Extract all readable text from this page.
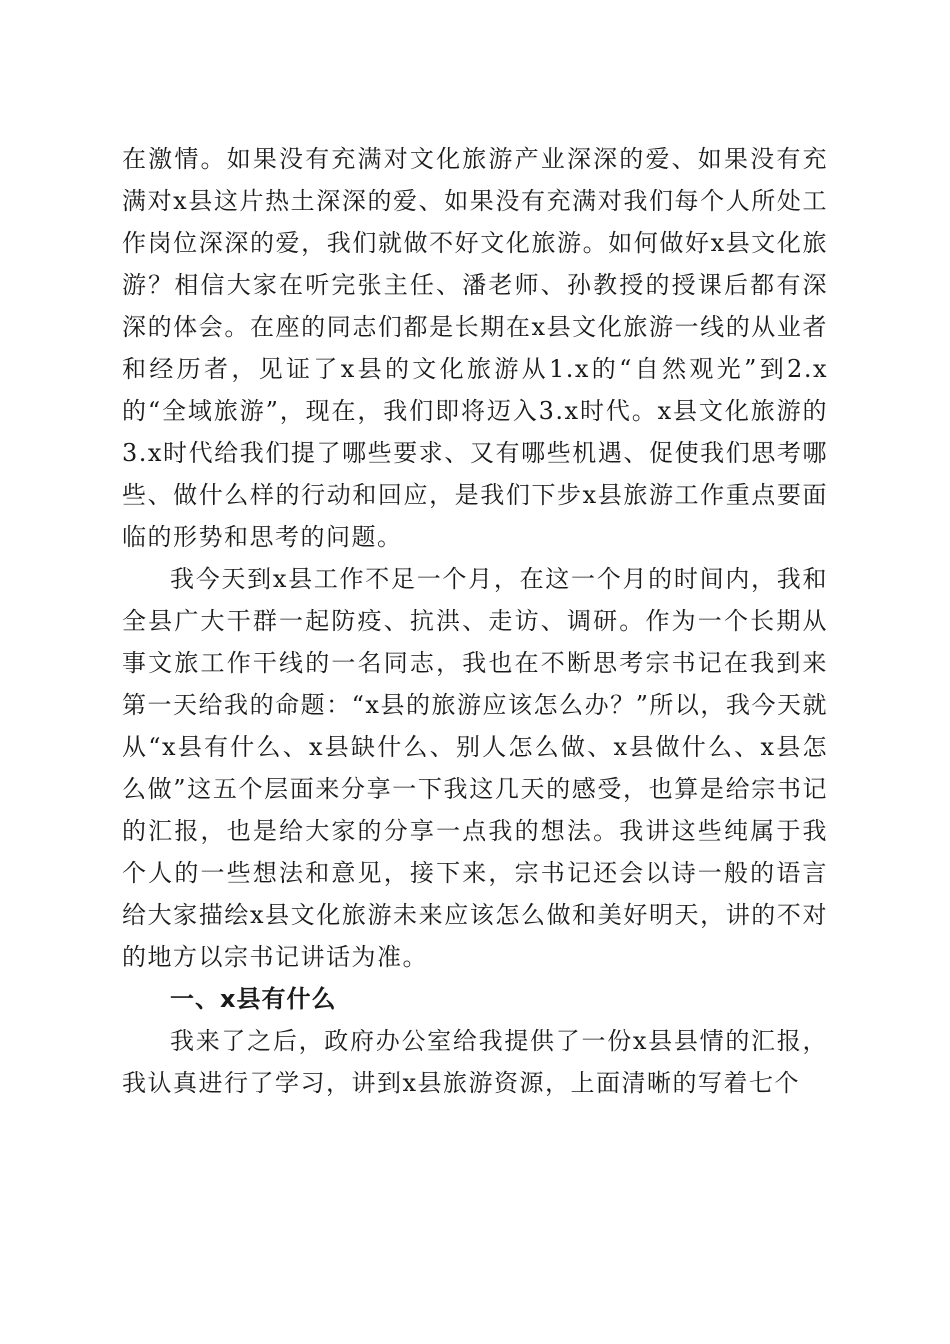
在激情。如果没有充满对文化旅游产业深深的爱、如果没有充满对x县这片热土深深的爱、如果没有充满对我们每个人所处工作岗位深深的爱，我们就做不好文化旅游。如何做好x县文化旅游？相信大家在听完张主任、潘老师、孙教授的授课后都有深深的体会。在座的同志们都是长期在x县文化旅游一线的从业者和经历者，见证了x县的文化旅游从1.x的“自然观光”到2.x的“全域旅游”，现在，我们即将迈入3.x时代。x县文化旅游的3.x时代给我们提了哪些要求、又有哪些机遇、促使我们思考哪些、做什么样的行动和回应，是我们下步x县旅游工作重点要面临的形势和思考的问题。

我今天到x县工作不足一个月，在这一个月的时间内，我和全县广大干群一起防疫、抗洪、走访、调研。作为一个长期从事文旅工作干线的一名同志，我也在不断思考宗书记在我到来第一天给我的命题：“x县的旅游应该怎么办？”所以，我今天就从“x县有什么、x县缺什么、别人怎么做、x县做什么、x县怎么做”这五个层面来分享一下我这几天的感受，也算是给宗书记的汇报，也是给大家的分享一点我的想法。我讲这些纯属于我个人的一些想法和意见，接下来，宗书记还会以诗一般的语言给大家描绘x县文化旅游未来应该怎么做和美好明天，讲的不对的地方以宗书记讲话为准。

一、x县有什么

我来了之后，政府办公室给我提供了一份x县县情的汇报，我认真进行了学习，讲到x县旅游资源，上面清晰的写着七个
